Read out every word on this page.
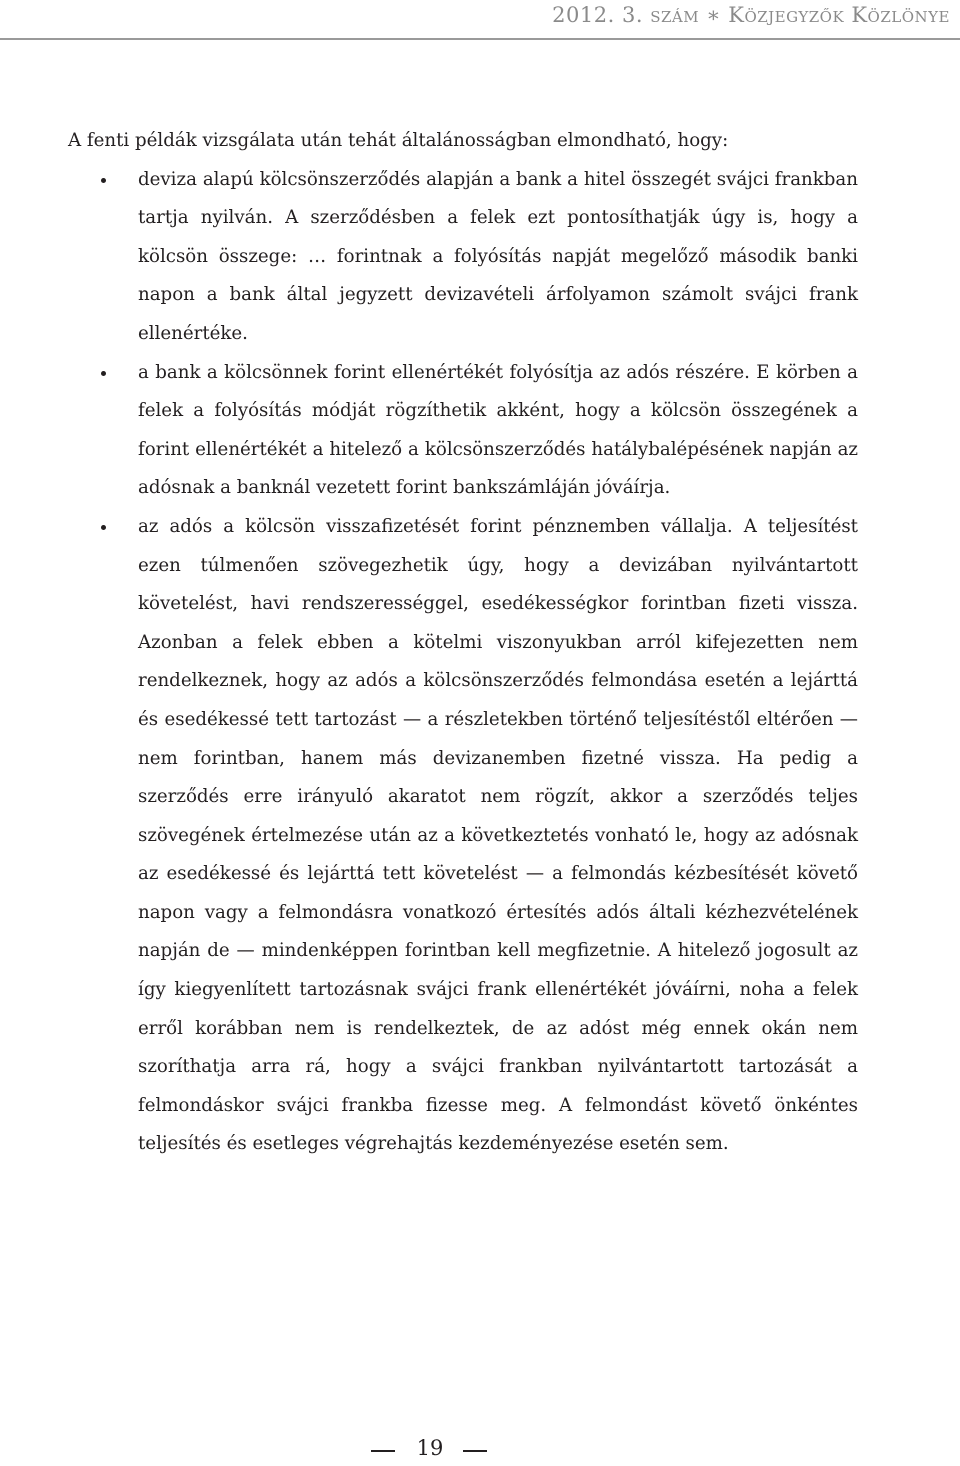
2012. 3. szám ∗ Közjegyzők Közlönye

A fenti példák vizsgálata után tehát általánosságban elmondható, hogy:

deviza alapú kölcsönszerződés alapján a bank a hitel összegét svájci frankban tartja nyilván. A szerződésben a felek ezt pontosíthatják úgy is, hogy a kölcsön összege: … forintnak a folyósítás napját megelőző második banki napon a bank által jegyzett devizavételi árfolyamon számolt svájci frank ellenértéke.
a bank a kölcsönnek forint ellenértékét folyósítja az adós részére. E körben a felek a folyósítás módját rögzíthetik akként, hogy a kölcsön összegének a forint ellenértékét a hitelező a kölcsönszerződés hatálybalépésének napján az adósnak a banknál vezetett forint bankszámláján jóváírja.
az adós a kölcsön visszafizetését forint pénznemben vállalja. A teljesítést ezen túlmenően szövegezhetik úgy, hogy a devizában nyilvántartott követelést, havi rendszerességgel, esedékességkor forintban fizeti vissza. Azonban a felek ebben a kötelmi viszonyukban arról kifejezetten nem rendelkeznek, hogy az adós a kölcsönszerződés felmondása esetén a lejárttá és esedékessé tett tartozást — a részletekben történő teljesítéstől eltérően — nem forintban, hanem más devizanemben fizetné vissza. Ha pedig a szerződés erre irányuló akaratot nem rögzít, akkor a szerződés teljes szövegének értelmezése után az a következtetés vonható le, hogy az adósnak az esedékessé és lejárttá tett követelést — a felmondás kézbesítését követő napon vagy a felmondásra vonatkozó értesítés adós általi kézhezvételének napján de — mindenképpen forintban kell megfizetnie. A hitelező jogosult az így kiegyenlített tartozásnak svájci frank ellenértékét jóváírni, noha a felek erről korábban nem is rendelkeztek, de az adóst még ennek okán nem szoríthatja arra rá, hogy a svájci frankban nyilvántartott tartozását a felmondáskor svájci frankba fizesse meg. A felmondást követő önkéntes teljesítés és esetleges végrehajtás kezdeményezése esetén sem.
19
